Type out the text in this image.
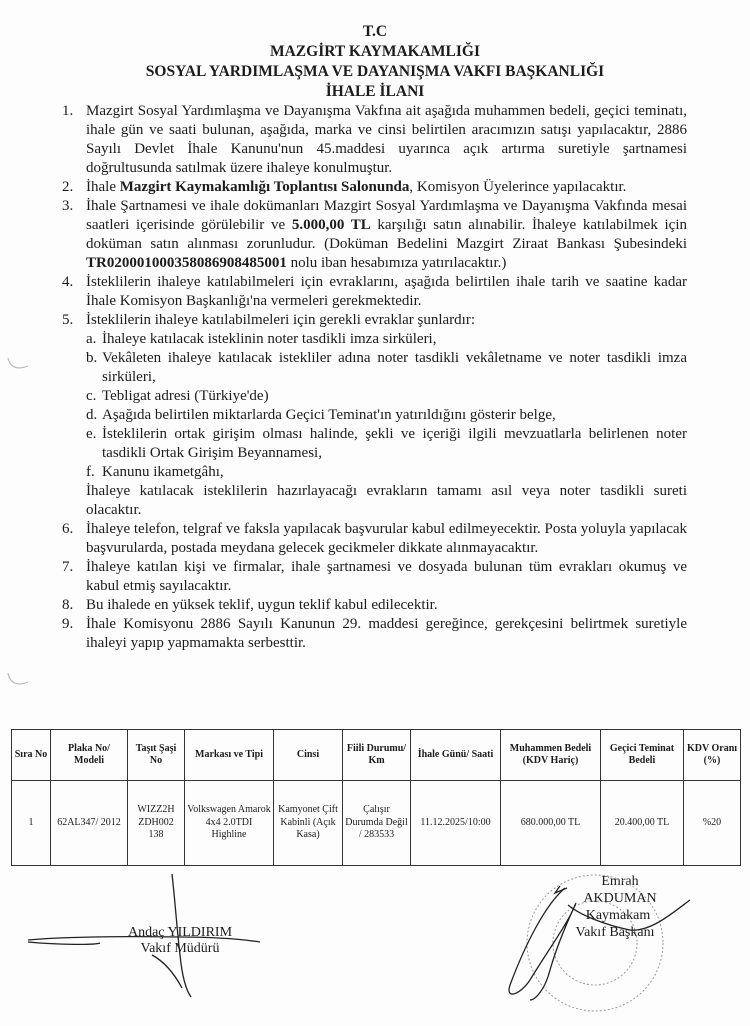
T.C
MAZGİRT KAYMAKAMLIĞI
SOSYAL YARDIMLAŞMA VE DAYANIŞMA VAKFI BAŞKANLIĞI
İHALE İLANI
1. Mazgirt Sosyal Yardımlaşma ve Dayanışma Vakfına ait aşağıda muhammen bedeli, geçici teminatı, ihale gün ve saati bulunan, aşağıda, marka ve cinsi belirtilen aracımızın satışı yapılacaktır, 2886 Sayılı Devlet İhale Kanunu'nun 45.maddesi uyarınca açık artırma suretiyle şartnamesi doğrultusunda satılmak üzere ihaleye konulmuştur.
2. İhale Mazgirt Kaymakamlığı Toplantısı Salonunda, Komisyon Üyelerince yapılacaktır.
3. İhale Şartnamesi ve ihale dokümanları Mazgirt Sosyal Yardımlaşma ve Dayanışma Vakfında mesai saatleri içerisinde görülebilir ve 5.000,00 TL karşılığı satın alınabilir. İhaleye katılabilmek için doküman satın alınması zorunludur. (Doküman Bedelini Mazgirt Ziraat Bankası Şubesindeki TR020001000358086908485001 nolu iban hesabımıza yatırılacaktır.)
4. İsteklilerin ihaleye katılabilmeleri için evraklarını, aşağıda belirtilen ihale tarih ve saatine kadar İhale Komisyon Başkanlığı'na vermeleri gerekmektedir.
5. İsteklilerin ihaleye katılabilmeleri için gerekli evraklar şunlardır:
a. İhaleye katılacak isteklinin noter tasdikli imza sirküleri,
b. Vekâleten ihaleye katılacak istekliler adına noter tasdikli vekâletname ve noter tasdikli imza sirküleri,
c. Tebligat adresi (Türkiye'de)
d. Aşağıda belirtilen miktarlarda Geçici Teminat'ın yatırıldığını gösterir belge,
e. İsteklilerin ortak girişim olması halinde, şekli ve içeriği ilgili mevzuatlarla belirlenen noter tasdikli Ortak Girişim Beyannamesi,
f. Kanunu ikametgâhı,
İhaleye katılacak isteklilerin hazırlayacağı evrakların tamamı asıl veya noter tasdikli sureti olacaktır.
6. İhaleye telefon, telgraf ve faksla yapılacak başvurular kabul edilmeyecektir. Posta yoluyla yapılacak başvurularda, postada meydana gelecek gecikmeler dikkate alınmayacaktır.
7. İhaleye katılan kişi ve firmalar, ihale şartnamesi ve dosyada bulunan tüm evrakları okumuş ve kabul etmiş sayılacaktır.
8. Bu ihalede en yüksek teklif, uygun teklif kabul edilecektir.
9. İhale Komisyonu 2886 Sayılı Kanunun 29. maddesi gereğince, gerekçesini belirtmek suretiyle ihaleyi yapıp yapmamakta serbesttir.
Sıra No	Plaka No/ Modeli	Taşıt Şaşi No	Markası ve Tipi	Cinsi	Fiili Durumu/ Km	İhale Günü/ Saati	Muhammen Bedeli (KDV Hariç)	Geçici Teminat Bedeli	KDV Oranı (%)
1	62AL347/ 2012	WIZZ2H ZDH002 138	Volkswagen Amarok 4x4 2.0TDI Highline	Kamyonet Çift Kabinli (Açık Kasa)	Çalışır Durumda Değil / 283533	11.12.2025/10:00	680.000,00 TL	20.400,00 TL	%20
Andaç YILDIRIM
Vakıf Müdürü
Emrah AKDUMAN
Kaymakam
Vakıf Başkanı
